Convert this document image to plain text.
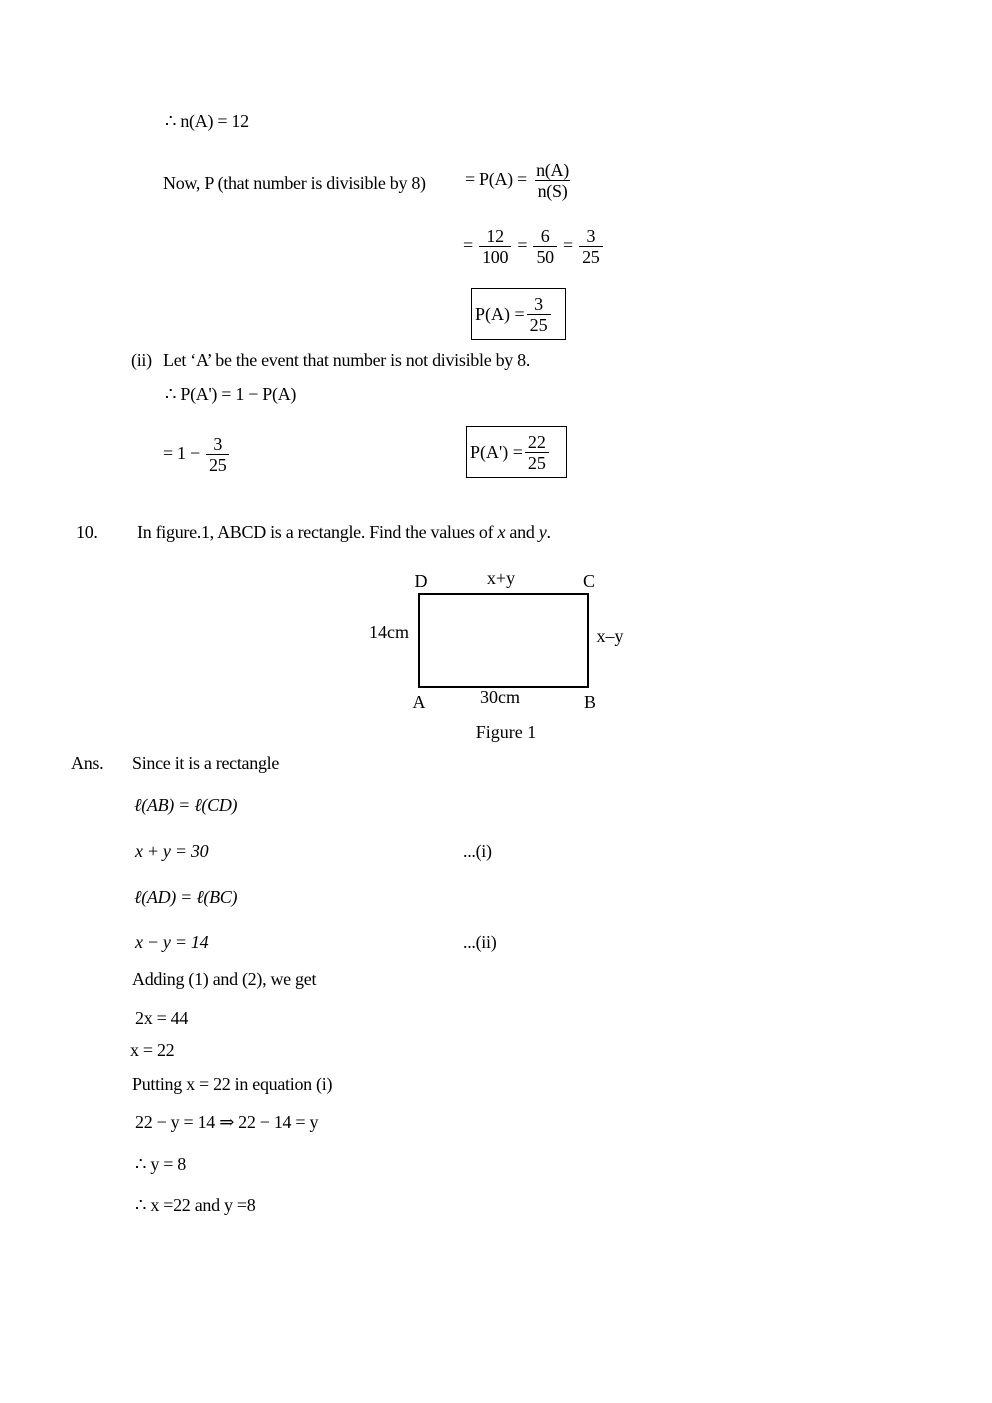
∴ n(A) = 12
Now, P (that number is divisible by $8) = P(A) = \frac{n(A)}{n(S)}$
= $\frac{12}{100} = \frac{6}{50} = \frac{3}{25}$
$P(A) = \frac{3}{25}$
(ii) Let ‘A’ be the event that number is not divisible by 8.
∴ P(A') = 1 − P(A)
= $1 - \frac{3}{25}$	$P(A') = \frac{22}{25}$
10. In figure.1, ABCD is a rectangle. Find the values of x and y.
D	x+y	C
14cm	x–y
A	30cm	B
Figure 1
Ans. Since it is a rectangle
ℓ(AB) = ℓ(CD)
x + y = 30	...(i)
ℓ(AD) = ℓ(BC)
x − y = 14	...(ii)
Adding (1) and (2), we get
2x = 44
x = 22
Putting x = 22 in equation (i)
22 − y = 14 ⇒ 22 − 14 = y
∴ y = 8
∴ x =22 and y =8
